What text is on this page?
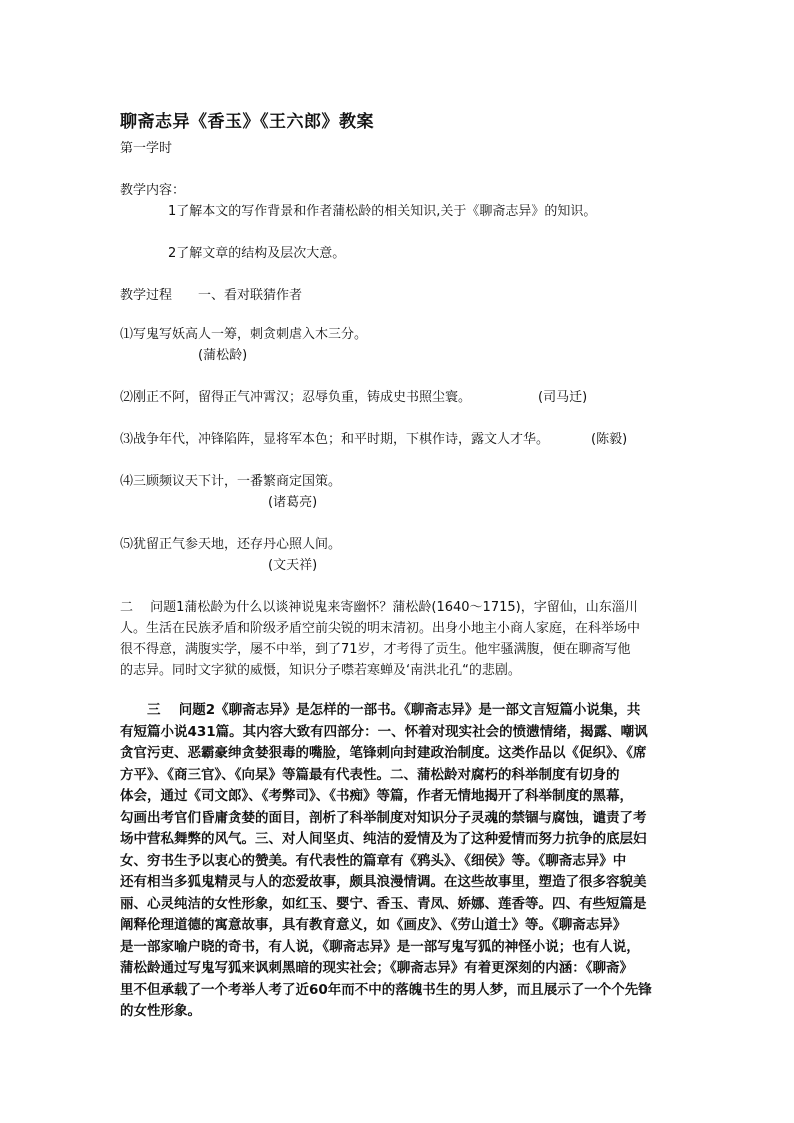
聊斋志异《香玉》《王六郎》教案
第一学时
教学内容：
1了解本文的写作背景和作者蒲松龄的相关知识,关于《聊斋志异》的知识。
2了解文章的结构及层次大意。
教学过程 一、看对联猜作者
⑴写鬼写妖高人一筹，刺贪刺虐入木三分。
(蒲松龄)
⑵刚正不阿，留得正气冲霄汉；忍辱负重，铸成史书照尘寰。	(司马迁)
⑶战争年代，冲锋陷阵，显将军本色；和平时期，下棋作诗，露文人才华。	(陈毅)
⑷三顾频议天下计，一番繁商定国策。
(诸葛亮)
⑸犹留正气参天地，还存丹心照人间。
(文天祥)
二　 问题1蒲松龄为什么以谈神说鬼来寄幽怀？蒲松龄(1640～1715)，字留仙，山东淄川
人。生活在民族矛盾和阶级矛盾空前尖锐的明末清初。出身小地主小商人家庭，在科举场中
很不得意，满腹实学，屡不中举，到了71岁，才考得了贡生。他牢骚满腹，便在聊斋写他
的志异。同时文字狱的威慑，知识分子噤若寒蝉及‘南洪北孔“的悲剧。
　　三　 问题2《聊斋志异》是怎样的一部书。《聊斋志异》是一部文言短篇小说集，共
有短篇小说431篇。其内容大致有四部分：一、怀着对现实社会的愤懑情绪，揭露、嘲讽
贪官污吏、恶霸豪绅贪婪狠毒的嘴脸，笔锋刺向封建政治制度。这类作品以《促织》、《席
方平》、《商三官》、《向杲》等篇最有代表性。二、蒲松龄对腐朽的科举制度有切身的
体会，通过《司文郎》、《考弊司》、《书痴》等篇，作者无情地揭开了科举制度的黑幕，
勾画出考官们昏庸贪婪的面目，剖析了科举制度对知识分子灵魂的禁锢与腐蚀，谴责了考
场中营私舞弊的风气。三、对人间坚贞、纯洁的爱情及为了这种爱情而努力抗争的底层妇
女、穷书生予以衷心的赞美。有代表性的篇章有《鸦头》、《细侯》等。《聊斋志异》中
还有相当多狐鬼精灵与人的恋爱故事，颇具浪漫情调。在这些故事里，塑造了很多容貌美
丽、心灵纯洁的女性形象，如红玉、婴宁、香玉、青凤、娇娜、莲香等。四、有些短篇是
阐释伦理道德的寓意故事，具有教育意义，如《画皮》、《劳山道士》等。《聊斋志异》
是一部家喻户晓的奇书，有人说，《聊斋志异》是一部写鬼写狐的神怪小说；也有人说，
蒲松龄通过写鬼写狐来讽刺黑暗的现实社会；《聊斋志异》有着更深刻的内涵：《聊斋》
里不但承载了一个考举人考了近60年而不中的落魄书生的男人梦，而且展示了一个个先锋
的女性形象。
